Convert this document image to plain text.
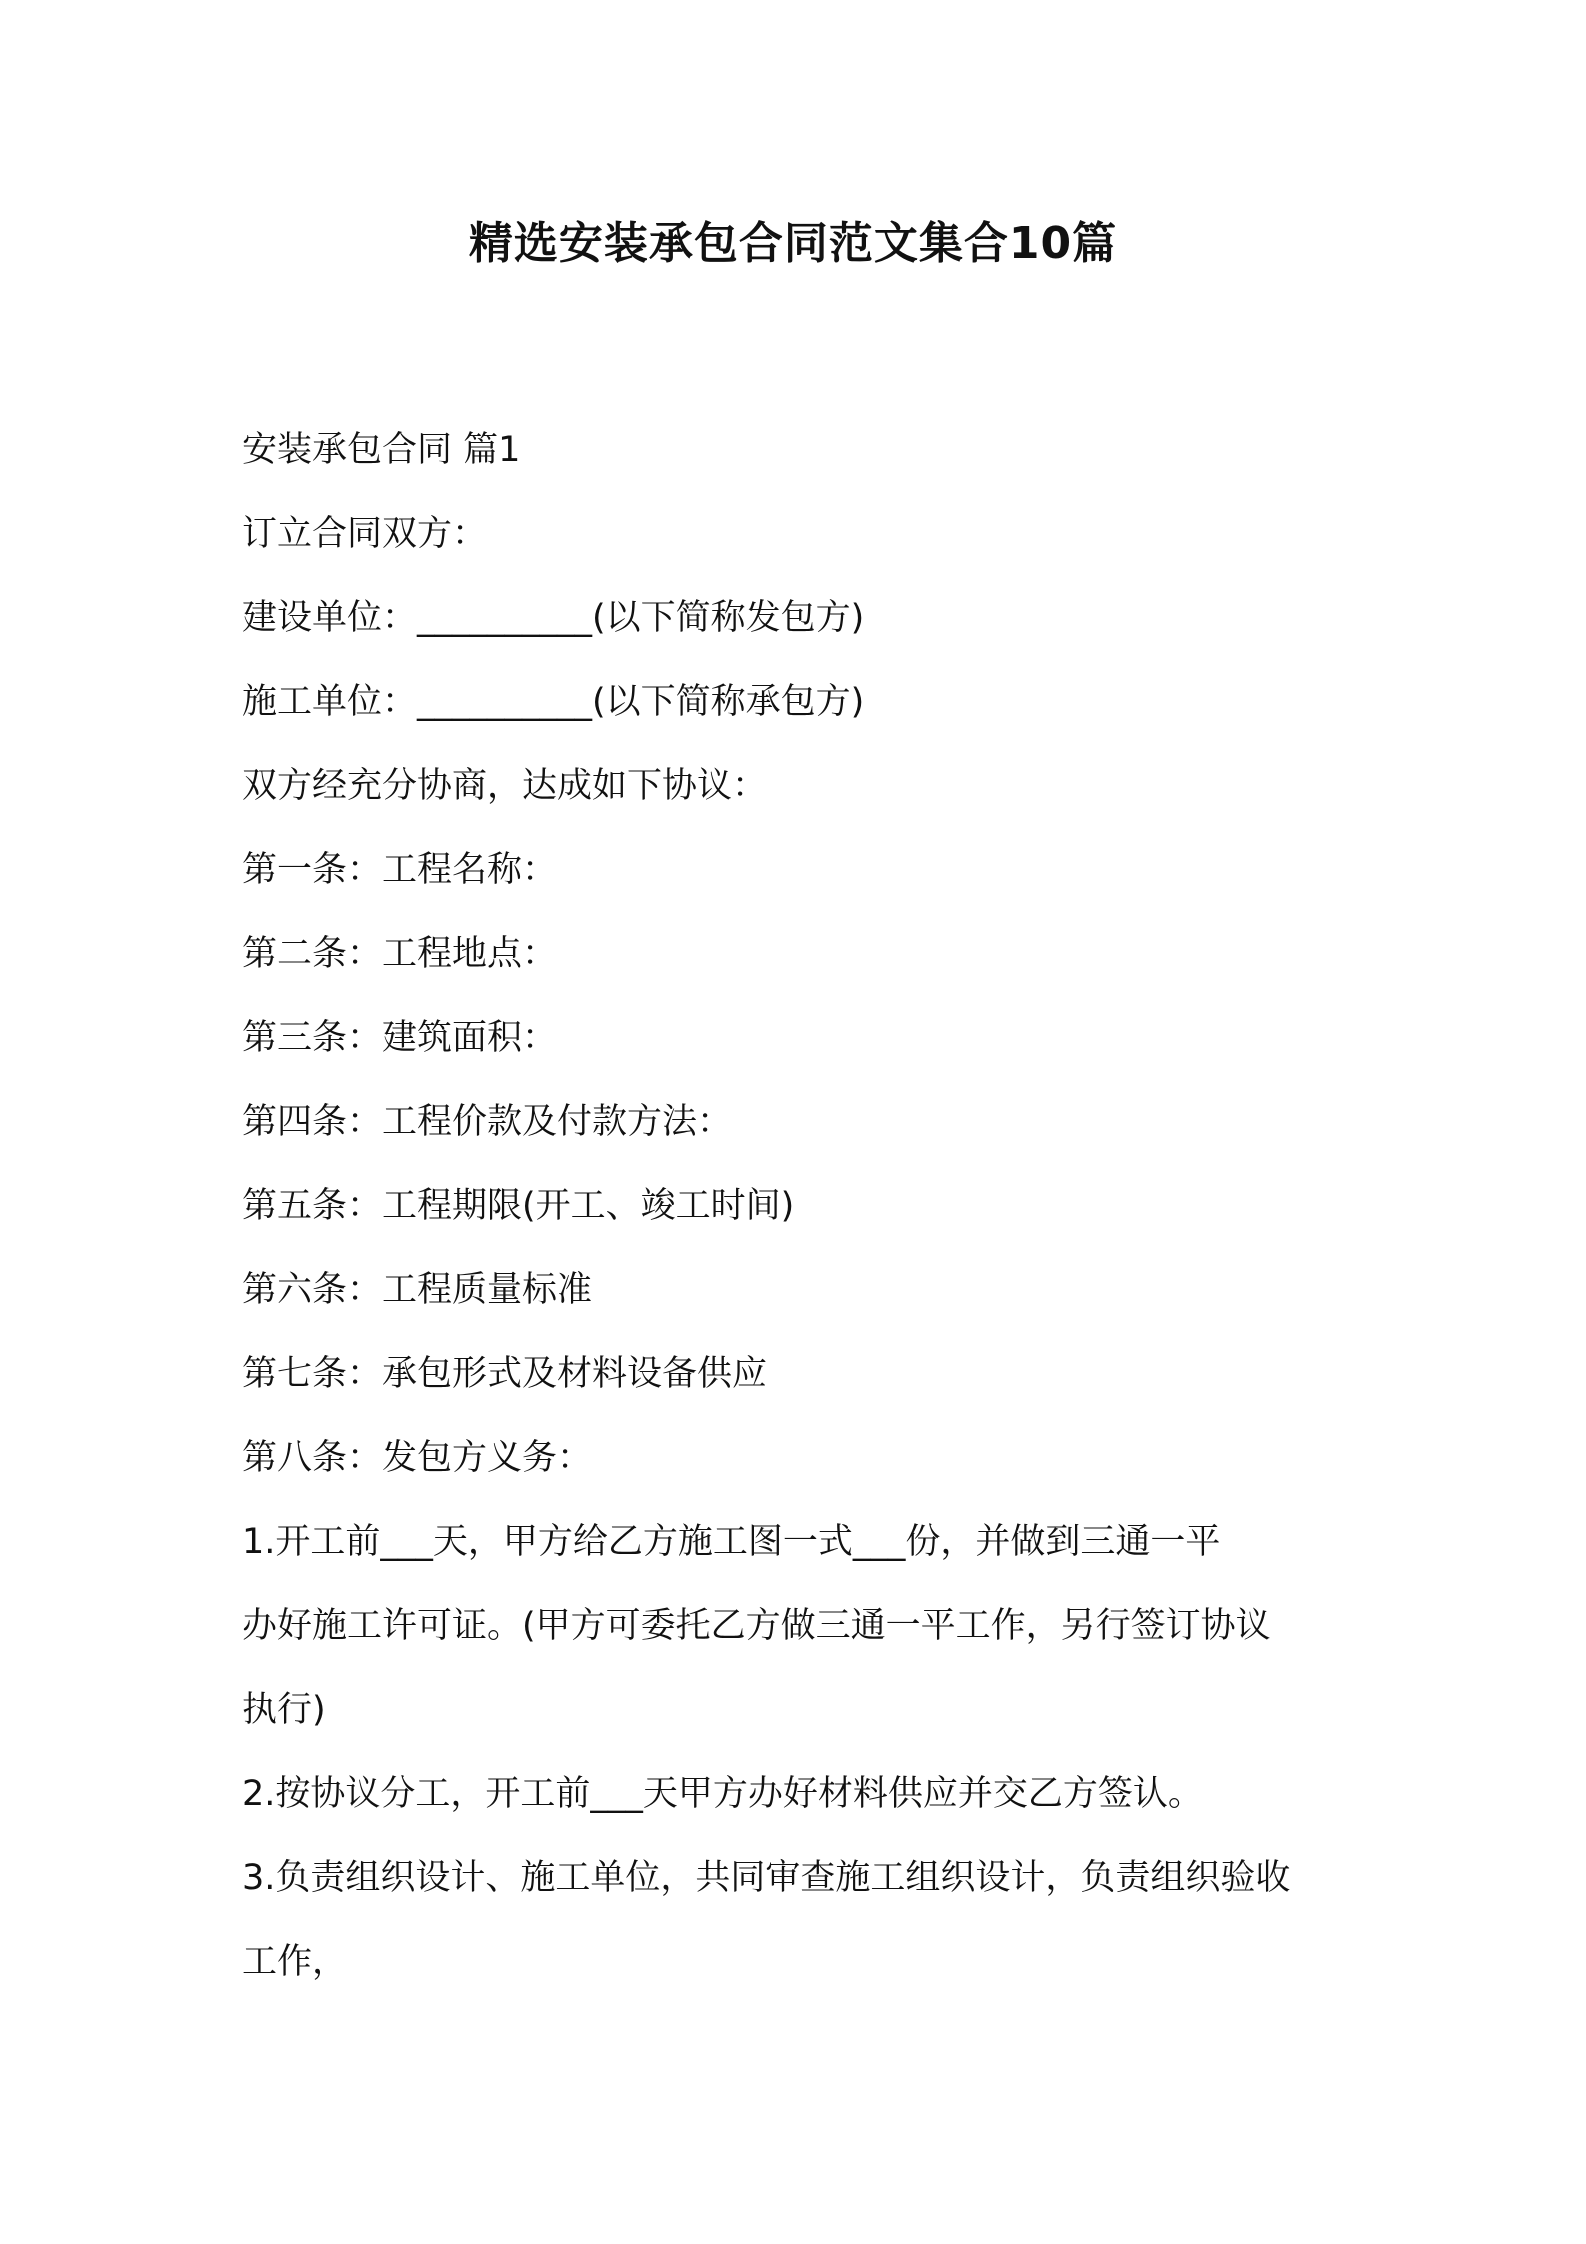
精选安装承包合同范文集合10篇

安装承包合同 篇1

订立合同双方：

建设单位：__________(以下简称发包方)

施工单位：__________(以下简称承包方)

双方经充分协商，达成如下协议：

第一条：工程名称：

第二条：工程地点：

第三条：建筑面积：

第四条：工程价款及付款方法：

第五条：工程期限(开工、竣工时间)

第六条：工程质量标准

第七条：承包形式及材料设备供应

第八条：发包方义务：

1.开工前___天，甲方给乙方施工图一式___份，并做到三通一平

办好施工许可证。(甲方可委托乙方做三通一平工作，另行签订协议

执行)

2.按协议分工，开工前___天甲方办好材料供应并交乙方签认。

3.负责组织设计、施工单位，共同审查施工组织设计，负责组织验收

工作，
